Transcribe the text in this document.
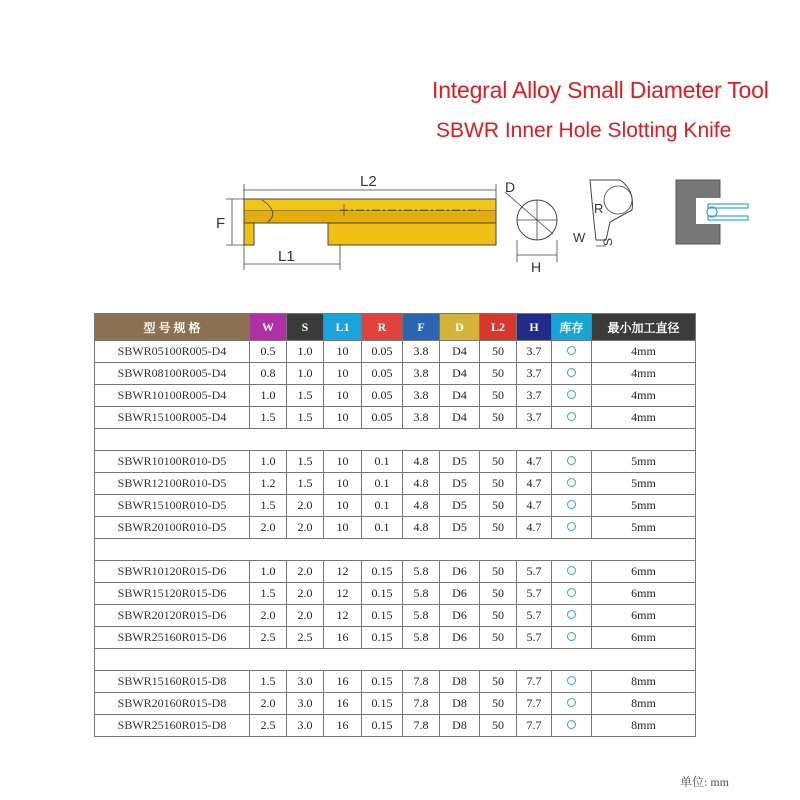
Integral Alloy Small Diameter Tool
SBWR Inner Hole Slotting Knife
L2
L1
F
D
H
R
W S
型 号 规 格	W	S	L1	R	F	D	L2	H	库存	最小加工直径
SBWR05100R005-D4	0.5	1.0	10	0.05	3.8	D4	50	3.7		4mm
SBWR08100R005-D4	0.8	1.0	10	0.05	3.8	D4	50	3.7		4mm
SBWR10100R005-D4	1.0	1.5	10	0.05	3.8	D4	50	3.7		4mm
SBWR15100R005-D4	1.5	1.5	10	0.05	3.8	D4	50	3.7		4mm

SBWR10100R010-D5	1.0	1.5	10	0.1	4.8	D5	50	4.7		5mm
SBWR12100R010-D5	1.2	1.5	10	0.1	4.8	D5	50	4.7		5mm
SBWR15100R010-D5	1.5	2.0	10	0.1	4.8	D5	50	4.7		5mm
SBWR20100R010-D5	2.0	2.0	10	0.1	4.8	D5	50	4.7		5mm

SBWR10120R015-D6	1.0	2.0	12	0.15	5.8	D6	50	5.7		6mm
SBWR15120R015-D6	1.5	2.0	12	0.15	5.8	D6	50	5.7		6mm
SBWR20120R015-D6	2.0	2.0	12	0.15	5.8	D6	50	5.7		6mm
SBWR25160R015-D6	2.5	2.5	16	0.15	5.8	D6	50	5.7		6mm

SBWR15160R015-D8	1.5	3.0	16	0.15	7.8	D8	50	7.7		8mm
SBWR20160R015-D8	2.0	3.0	16	0.15	7.8	D8	50	7.7		8mm
SBWR25160R015-D8	2.5	3.0	16	0.15	7.8	D8	50	7.7		8mm
单位: mm
